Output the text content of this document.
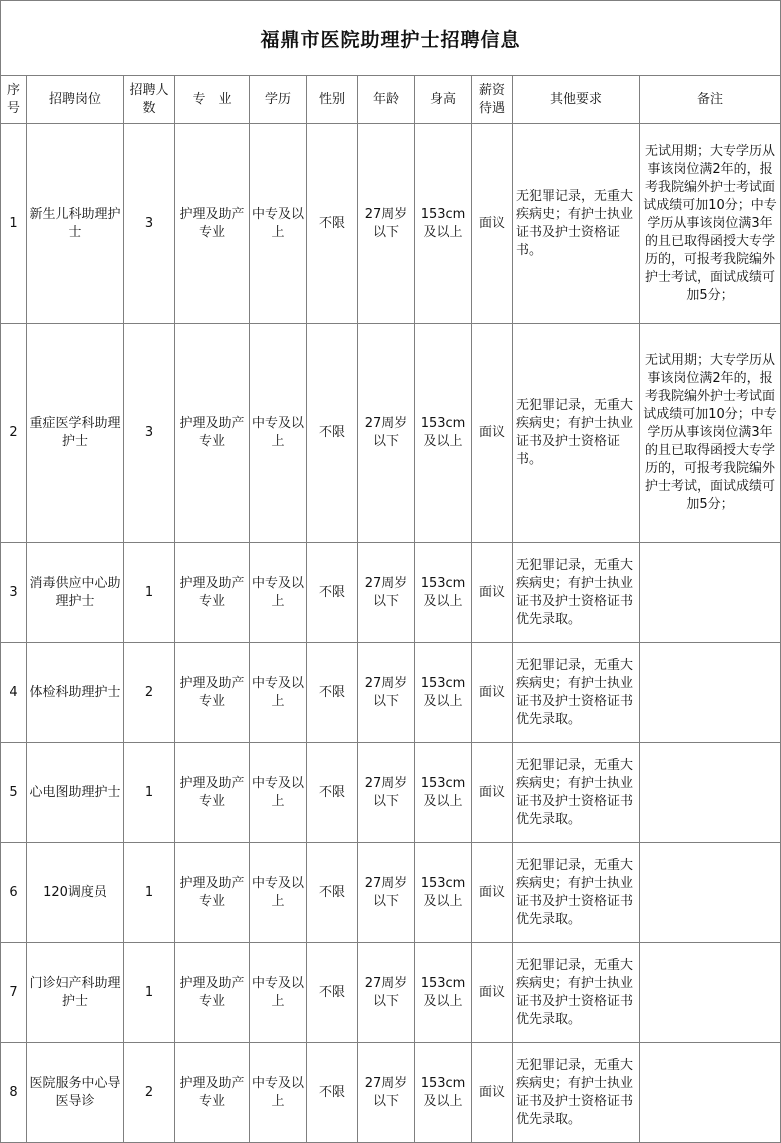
福鼎市医院助理护士招聘信息
序号	招聘岗位	招聘人数	专　业	学历	性别	年龄	身高	薪资待遇	其他要求	备注
1	新生儿科助理护士	3	护理及助产专业	中专及以上	不限	27周岁以下	153cm及以上	面议	无犯罪记录，无重大疾病史；有护士执业证书及护士资格证书。	无试用期；大专学历从事该岗位满2年的，报考我院编外护士考试面试成绩可加10分；中专学历从事该岗位满3年的且已取得函授大专学历的，可报考我院编外护士考试，面试成绩可加5分；
2	重症医学科助理护士	3	护理及助产专业	中专及以上	不限	27周岁以下	153cm及以上	面议	无犯罪记录，无重大疾病史；有护士执业证书及护士资格证书。	无试用期；大专学历从事该岗位满2年的，报考我院编外护士考试面试成绩可加10分；中专学历从事该岗位满3年的且已取得函授大专学历的，可报考我院编外护士考试，面试成绩可加5分；
3	消毒供应中心助理护士	1	护理及助产专业	中专及以上	不限	27周岁以下	153cm及以上	面议	无犯罪记录，无重大疾病史；有护士执业证书及护士资格证书优先录取。	
4	体检科助理护士	2	护理及助产专业	中专及以上	不限	27周岁以下	153cm及以上	面议	无犯罪记录，无重大疾病史；有护士执业证书及护士资格证书优先录取。	
5	心电图助理护士	1	护理及助产专业	中专及以上	不限	27周岁以下	153cm及以上	面议	无犯罪记录，无重大疾病史；有护士执业证书及护士资格证书优先录取。	
6	120调度员	1	护理及助产专业	中专及以上	不限	27周岁以下	153cm及以上	面议	无犯罪记录，无重大疾病史；有护士执业证书及护士资格证书优先录取。	
7	门诊妇产科助理护士	1	护理及助产专业	中专及以上	不限	27周岁以下	153cm及以上	面议	无犯罪记录，无重大疾病史；有护士执业证书及护士资格证书优先录取。	
8	医院服务中心导医导诊	2	护理及助产专业	中专及以上	不限	27周岁以下	153cm及以上	面议	无犯罪记录，无重大疾病史；有护士执业证书及护士资格证书优先录取。	
